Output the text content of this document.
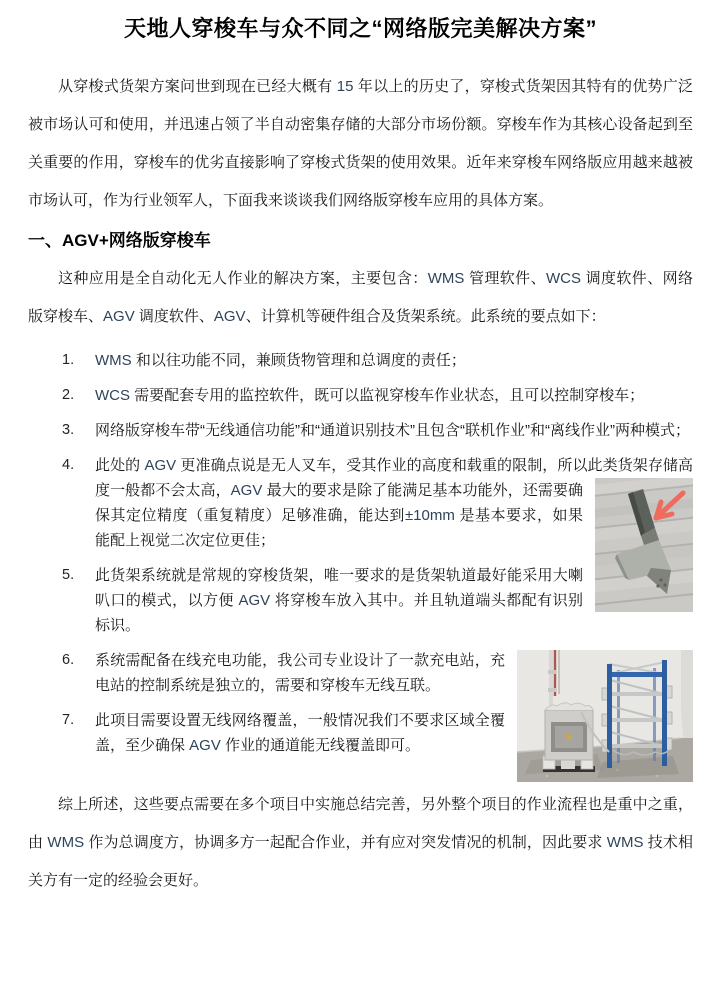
天地人穿梭车与众不同之“网络版完美解决方案”

从穿梭式货架方案问世到现在已经大概有 15 年以上的历史了，穿梭式货架因其特有的优势广泛被市场认可和使用，并迅速占领了半自动密集存储的大部分市场份额。穿梭车作为其核心设备起到至关重要的作用，穿梭车的优劣直接影响了穿梭式货架的使用效果。近年来穿梭车网络版应用越来越被市场认可，作为行业领军人，下面我来谈谈我们网络版穿梭车应用的具体方案。

一、AGV+网络版穿梭车

这种应用是全自动化无人作业的解决方案，主要包含：WMS 管理软件、WCS 调度软件、网络版穿梭车、AGV 调度软件、AGV、计算机等硬件组合及货架系统。此系统的要点如下：

WMS 和以往功能不同，兼顾货物管理和总调度的责任；
WCS 需要配套专用的监控软件，既可以监视穿梭车作业状态，且可以控制穿梭车；
网络版穿梭车带“无线通信功能”和“通道识别技术”且包含“联机作业”和“离线作业”两种模式；
此处的 AGV 更准确点说是无人叉车，受其作业的高度和载重的限制，所以此类货架存储高度一般都不会太高，AGV 最大的要求是除了能满足基本功能外，还需要
确保其定位精度（重复精度）足够准确，能达到±10mm 是基本要求，如果能配上视觉二次定位更佳；
此货架系统就是常规的穿梭货架，唯一要求的是货架轨道最好能采用大喇叭口的模式，以方便 AGV 将穿梭车放入其中。并且轨道端头都配有识别标识。
系统需配备在线充电功能，我公司专业设计了一款充电站，充电站的控制系统是独立的，需要和穿梭车无线互联。
此项目需要设置无线网络覆盖，一般情况我们不要求区域全覆盖，至少确保 AGV 作业的通道能无线覆盖即可。

综上所述，这些要点需要在多个项目中实施总结完善，另外整个项目的作业流程也是重中之重，由 WMS 作为总调度方，协调多方一起配合作业，并有应对突发情况的机制，因此要求 WMS 技术相关方有一定的经验会更好。
